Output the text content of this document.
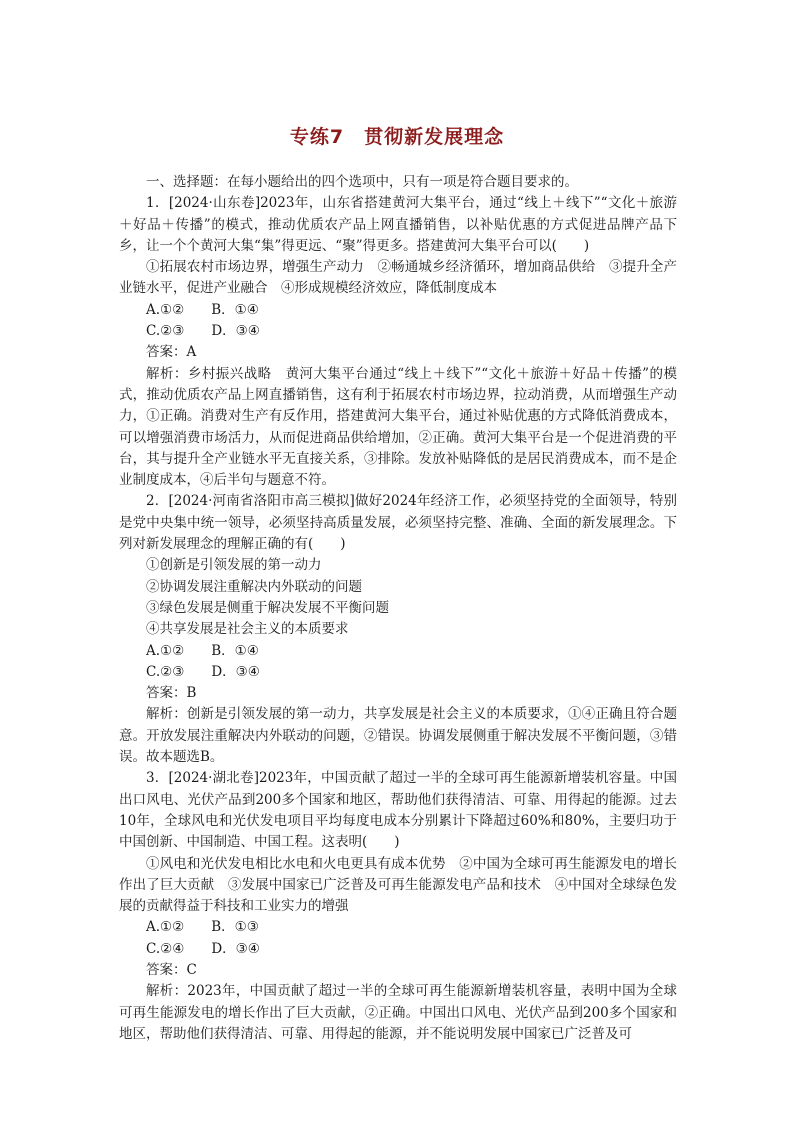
专练7　贯彻新发展理念

一、选择题：在每小题给出的四个选项中，只有一项是符合题目要求的。

1．[2024·山东卷]2023年，山东省搭建黄河大集平台，通过“线上＋线下”“文化＋旅游＋好品＋传播”的模式，推动优质农产品上网直播销售，以补贴优惠的方式促进品牌产品下乡，让一个个黄河大集“集”得更远、“聚”得更多。搭建黄河大集平台可以(　　)

①拓展农村市场边界，增强生产动力　②畅通城乡经济循环，增加商品供给　③提升全产业链水平，促进产业融合　④形成规模经济效应，降低制度成本

A.①②　　B．①④

C.②③　　D．③④

答案：A

解析：乡村振兴战略　黄河大集平台通过“线上＋线下”“文化＋旅游＋好品＋传播”的模式，推动优质农产品上网直播销售，这有利于拓展农村市场边界，拉动消费，从而增强生产动力，①正确。消费对生产有反作用，搭建黄河大集平台，通过补贴优惠的方式降低消费成本，可以增强消费市场活力，从而促进商品供给增加，②正确。黄河大集平台是一个促进消费的平台，其与提升全产业链水平无直接关系，③排除。发放补贴降低的是居民消费成本，而不是企业制度成本，④后半句与题意不符。

2．[2024·河南省洛阳市高三模拟]做好2024年经济工作，必须坚持党的全面领导，特别是党中央集中统一领导，必须坚持高质量发展，必须坚持完整、准确、全面的新发展理念。下列对新发展理念的理解正确的有(　　)

①创新是引领发展的第一动力

②协调发展注重解决内外联动的问题

③绿色发展是侧重于解决发展不平衡问题

④共享发展是社会主义的本质要求

A.①②　　B．①④

C.②③　　D．③④

答案：B

解析：创新是引领发展的第一动力，共享发展是社会主义的本质要求，①④正确且符合题意。开放发展注重解决内外联动的问题，②错误。协调发展侧重于解决发展不平衡问题，③错误。故本题选B。

3．[2024·湖北卷]2023年，中国贡献了超过一半的全球可再生能源新增装机容量。中国出口风电、光伏产品到200多个国家和地区，帮助他们获得清洁、可靠、用得起的能源。过去10年，全球风电和光伏发电项目平均每度电成本分别累计下降超过60%和80%，主要归功于中国创新、中国制造、中国工程。这表明(　　)

①风电和光伏发电相比水电和火电更具有成本优势　②中国为全球可再生能源发电的增长作出了巨大贡献　③发展中国家已广泛普及可再生能源发电产品和技术　④中国对全球绿色发展的贡献得益于科技和工业实力的增强

A.①②　　B．①③

C.②④　　D．③④

答案：C

解析：2023年，中国贡献了超过一半的全球可再生能源新增装机容量，表明中国为全球可再生能源发电的增长作出了巨大贡献，②正确。中国出口风电、光伏产品到200多个国家和地区，帮助他们获得清洁、可靠、用得起的能源，并不能说明发展中国家已广泛普及可
